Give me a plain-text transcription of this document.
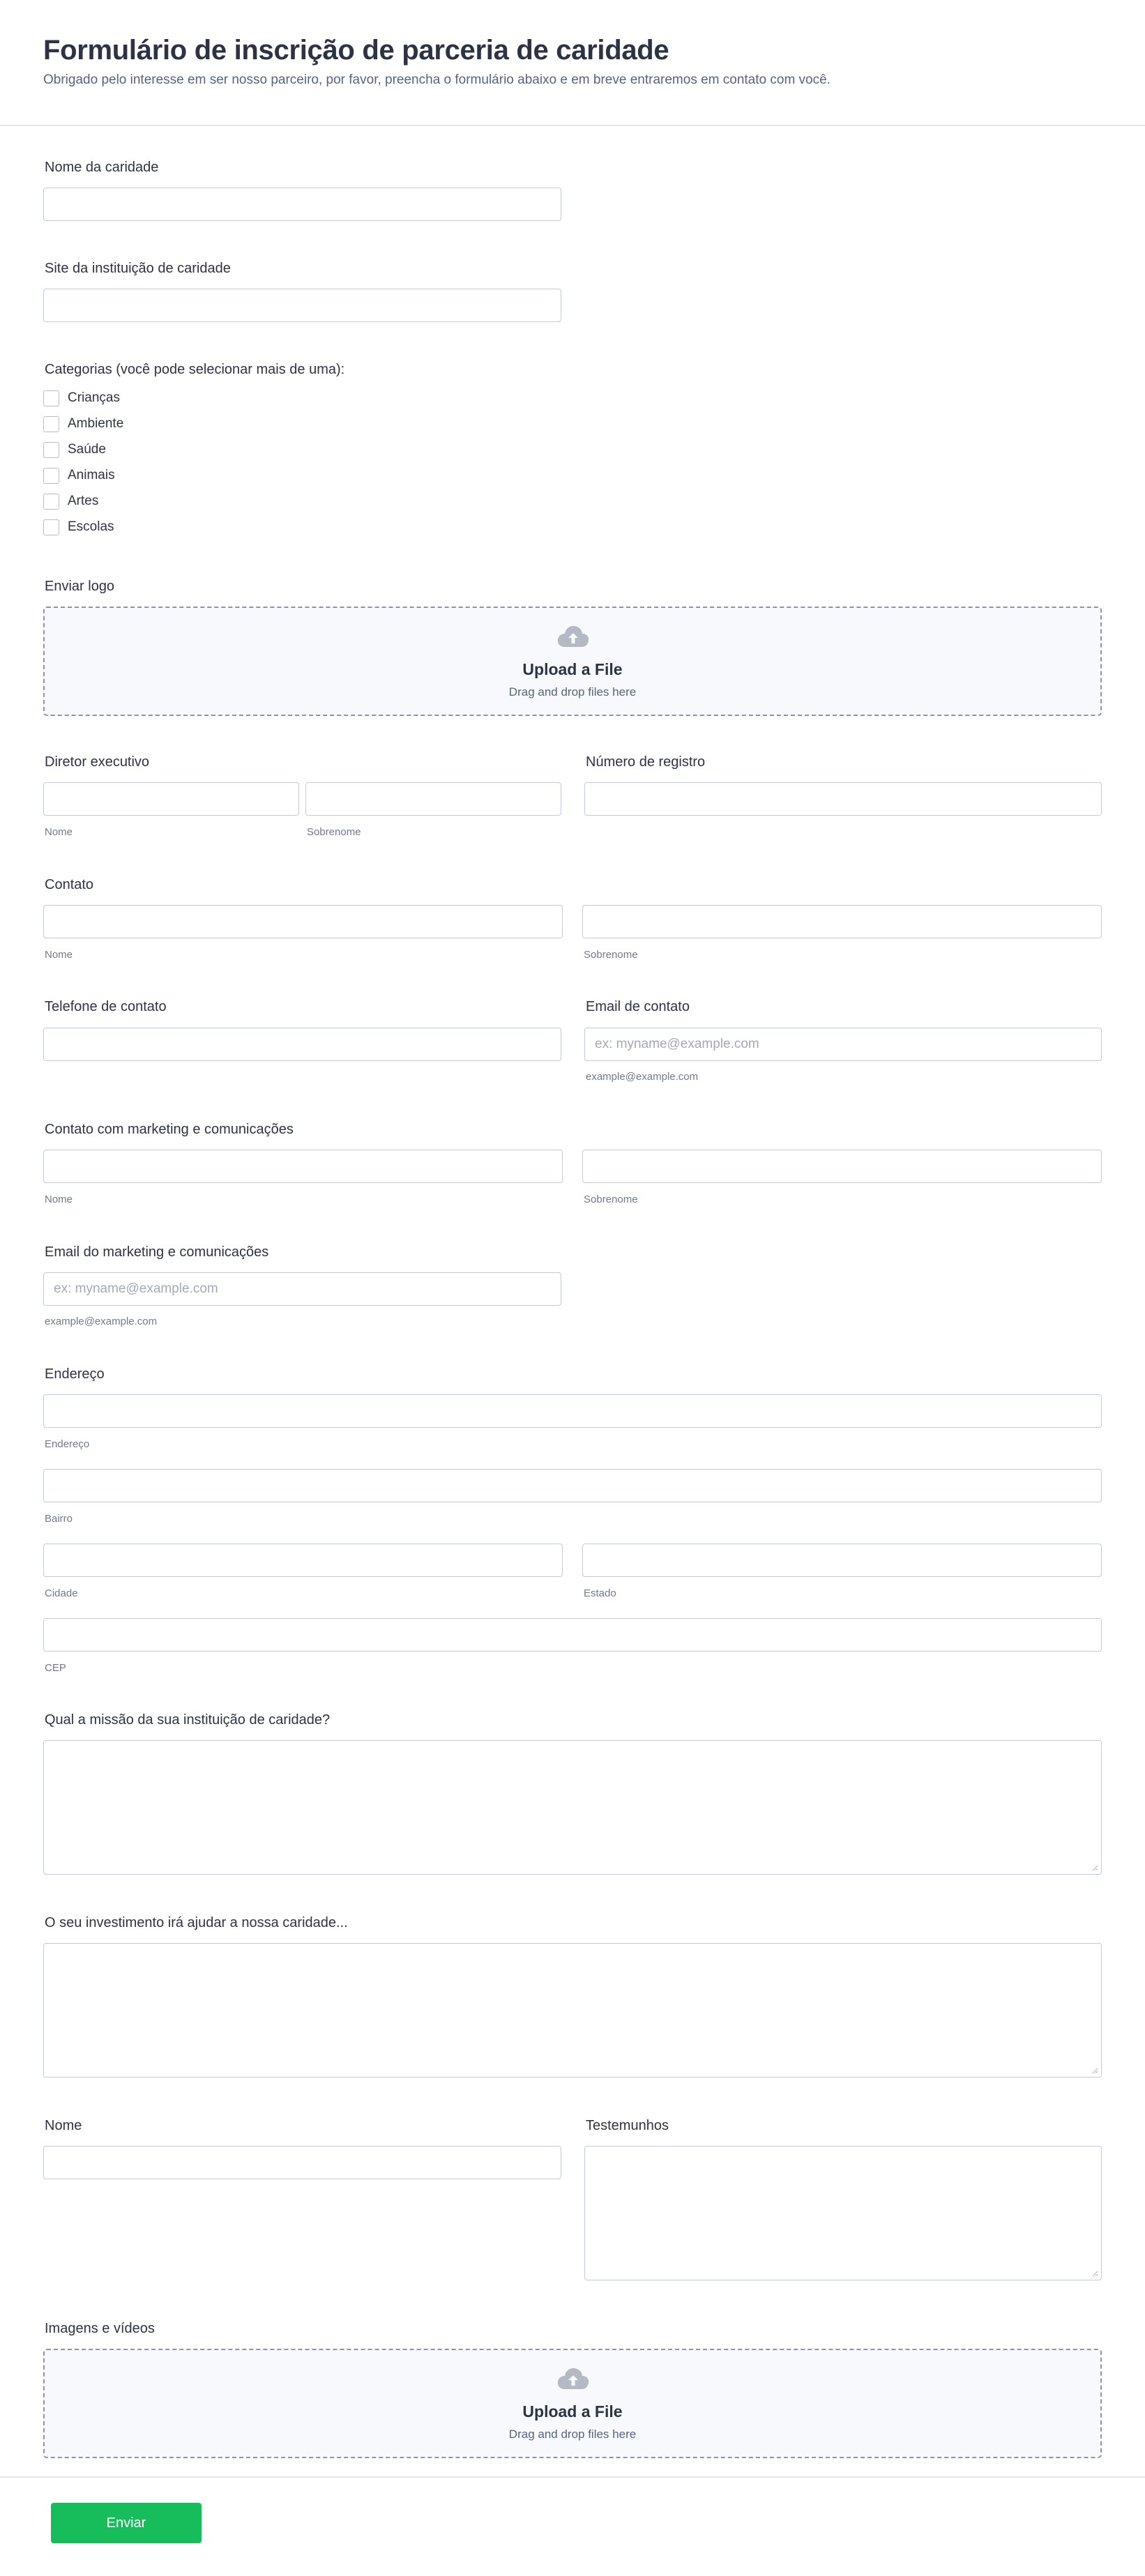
Formulário de inscrição de parceria de caridade

Obrigado pelo interesse em ser nosso parceiro, por favor, preencha o formulário abaixo e em breve entraremos em contato com você.

Nome da caridade
Site da instituição de caridade
Categorias (você pode selecionar mais de uma):
Crianças
Ambiente
Saúde
Animais
Artes
Escolas
Enviar logo
Upload a File
Drag and drop files here
Diretor executivo
Nome	Sobrenome
Número de registro
Contato
Nome	Sobrenome
Telefone de contato	Email de contato
ex: myname@example.com
example@example.com
Contato com marketing e comunicações
Nome	Sobrenome
Email do marketing e comunicações
ex: myname@example.com
example@example.com
Endereço
Endereço
Bairro
Cidade	Estado
CEP
Qual a missão da sua instituição de caridade?
O seu investimento irá ajudar a nossa caridade...
Nome	Testemunhos
Imagens e vídeos
Upload a File
Drag and drop files here
Enviar
